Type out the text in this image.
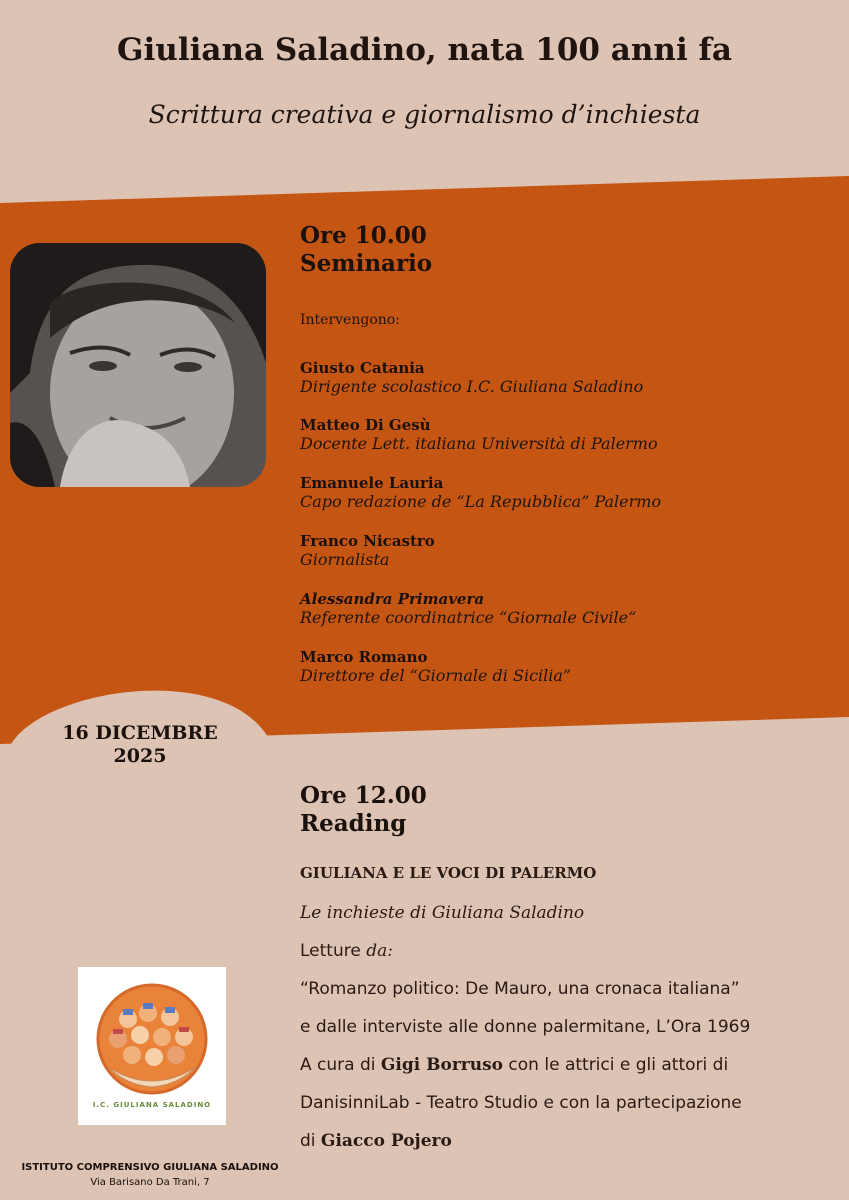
Giuliana Saladino, nata 100 anni fa
Scrittura creativa e giornalismo d’inchiesta
Ore 10.00
Seminario
Intervengono:
Giusto Catania
Dirigente scolastico I.C. Giuliana Saladino
Matteo Di Gesù
Docente Lett. italiana Università di Palermo
Emanuele Lauria
Capo redazione de “La Repubblica” Palermo
Franco Nicastro
Giornalista
Alessandra Primavera
Referente coordinatrice “Giornale Civile“
Marco Romano
Direttore del “Giornale di Sicilia”
16 DICEMBRE
2025
Ore 12.00
Reading

GIULIANA E LE VOCI DI PALERMO

Le inchieste di Giuliana Saladino

Letture da:

“Romanzo politico: De Mauro, una cronaca italiana”

e dalle interviste alle donne palermitane, L’Ora 1969

A cura di Gigi Borruso con le attrici e gli attori di

DanisinniLab - Teatro Studio e con la partecipazione

di Giacco Pojero

I.C. GIULIANA SALADINO
ISTITUTO COMPRENSIVO GIULIANA SALADINO
Via Barisano Da Trani, 7
